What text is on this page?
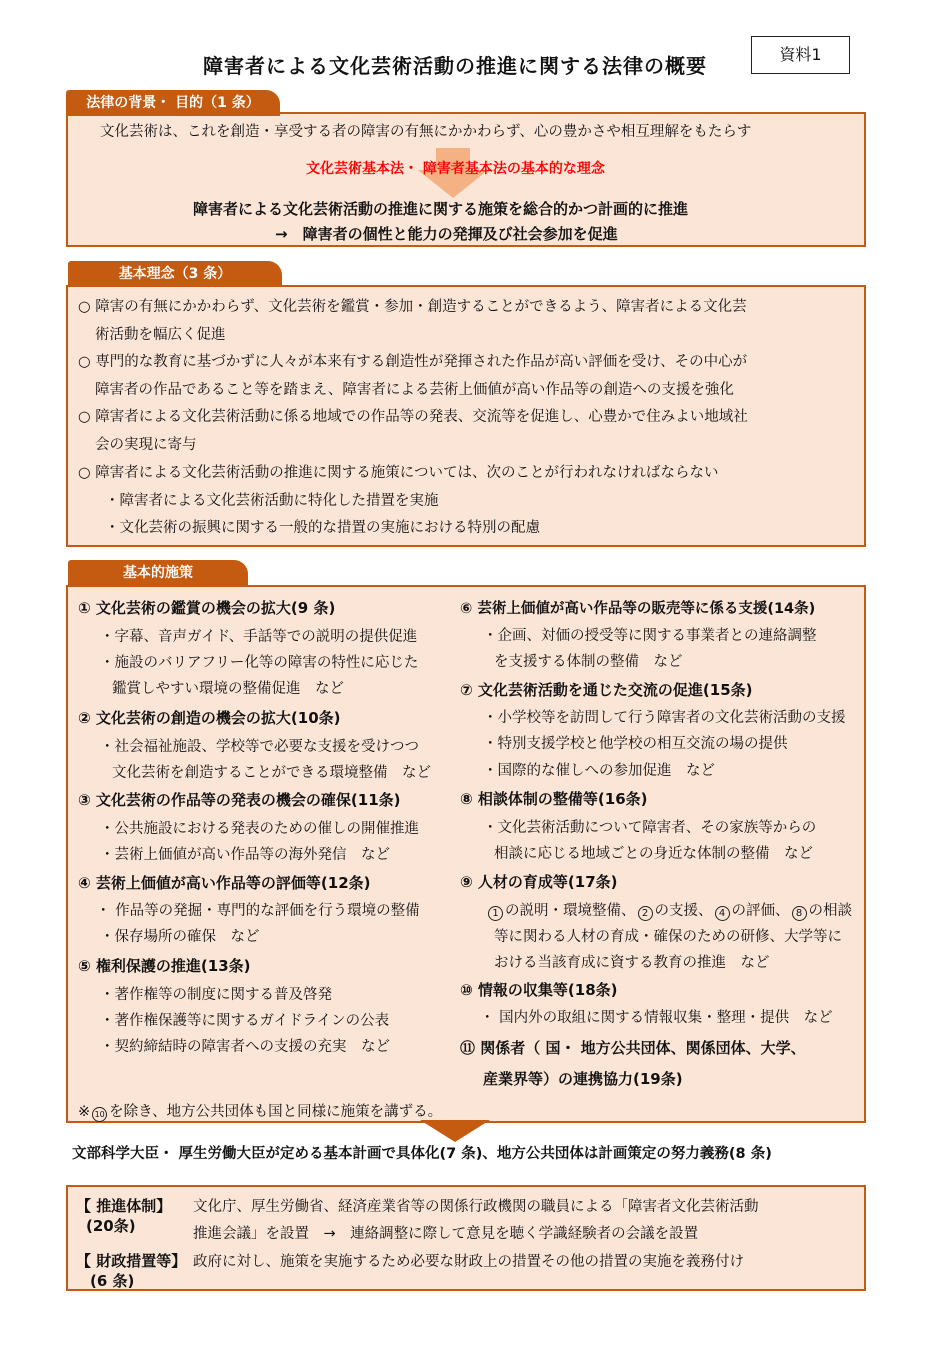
障害者による文化芸術活動の推進に関する法律の概要	資料1
法律の背景・ 目的（1 条）
文化芸術は、これを創造・享受する者の障害の有無にかかわらず、心の豊かさや相互理解をもたらす
文化芸術基本法・ 障害者基本法の基本的な理念
障害者による文化芸術活動の推進に関する施策を総合的かつ計画的に推進
→　障害者の個性と能力の発揮及び社会参加を促進
基本理念（3 条）
○ 障害の有無にかかわらず、文化芸術を鑑賞・参加・創造することができるよう、障害者による文化芸
術活動を幅広く促進
○ 専門的な教育に基づかずに人々が本来有する創造性が発揮された作品が高い評価を受け、その中心が
障害者の作品であること等を踏まえ、障害者による芸術上価値が高い作品等の創造への支援を強化
○ 障害者による文化芸術活動に係る地域での作品等の発表、交流等を促進し、心豊かで住みよい地域社
会の実現に寄与
○ 障害者による文化芸術活動の推進に関する施策については、次のことが行われなければならない
・障害者による文化芸術活動に特化した措置を実施
・文化芸術の振興に関する一般的な措置の実施における特別の配慮
基本的施策
① 文化芸術の鑑賞の機会の拡大(9 条)
・字幕、音声ガイド、手話等での説明の提供促進
・施設のバリアフリー化等の障害の特性に応じた
鑑賞しやすい環境の整備促進　など
② 文化芸術の創造の機会の拡大(10条)
・社会福祉施設、学校等で必要な支援を受けつつ
文化芸術を創造することができる環境整備　など
③ 文化芸術の作品等の発表の機会の確保(11条)
・公共施設における発表のための催しの開催推進
・芸術上価値が高い作品等の海外発信　など
④ 芸術上価値が高い作品等の評価等(12条)
・ 作品等の発掘・専門的な評価を行う環境の整備
・保存場所の確保　など
⑤ 権利保護の推進(13条)
・著作権等の制度に関する普及啓発
・著作権保護等に関するガイドラインの公表
・契約締結時の障害者への支援の充実　など
⑥ 芸術上価値が高い作品等の販売等に係る支援(14条)
・企画、対価の授受等に関する事業者との連絡調整
を支援する体制の整備　など
⑦ 文化芸術活動を通じた交流の促進(15条)
・小学校等を訪問して行う障害者の文化芸術活動の支援
・特別支援学校と他学校の相互交流の場の提供
・国際的な催しへの参加促進　など
⑧ 相談体制の整備等(16条)
・文化芸術活動について障害者、その家族等からの
相談に応じる地域ごとの身近な体制の整備　など
⑨ 人材の育成等(17条)
1 の説明・環境整備、 2 の支援、 4 の評価、 8 の相談
等に関わる人材の育成・確保のための研修、大学等に
おける当該育成に資する教育の推進　など
⑩ 情報の収集等(18条)
・ 国内外の取組に関する情報収集・整理・提供　など
⑪ 関係者（ 国・ 地方公共団体、関係団体、大学、
産業界等）の連携協力(19条)
※ 10 を除き、地方公共団体も国と同様に施策を講ずる。
文部科学大臣・ 厚生労働大臣が定める基本計画で具体化(7 条)、地方公共団体は計画策定の努力義務(8 条)
【 推進体制】
(20条)
文化庁、厚生労働省、経済産業省等の関係行政機関の職員による「障害者文化芸術活動
推進会議」を設置　→　連絡調整に際して意見を聴く学識経験者の会議を設置
【 財政措置等】
(6 条)
政府に対し、施策を実施するため必要な財政上の措置その他の措置の実施を義務付け
